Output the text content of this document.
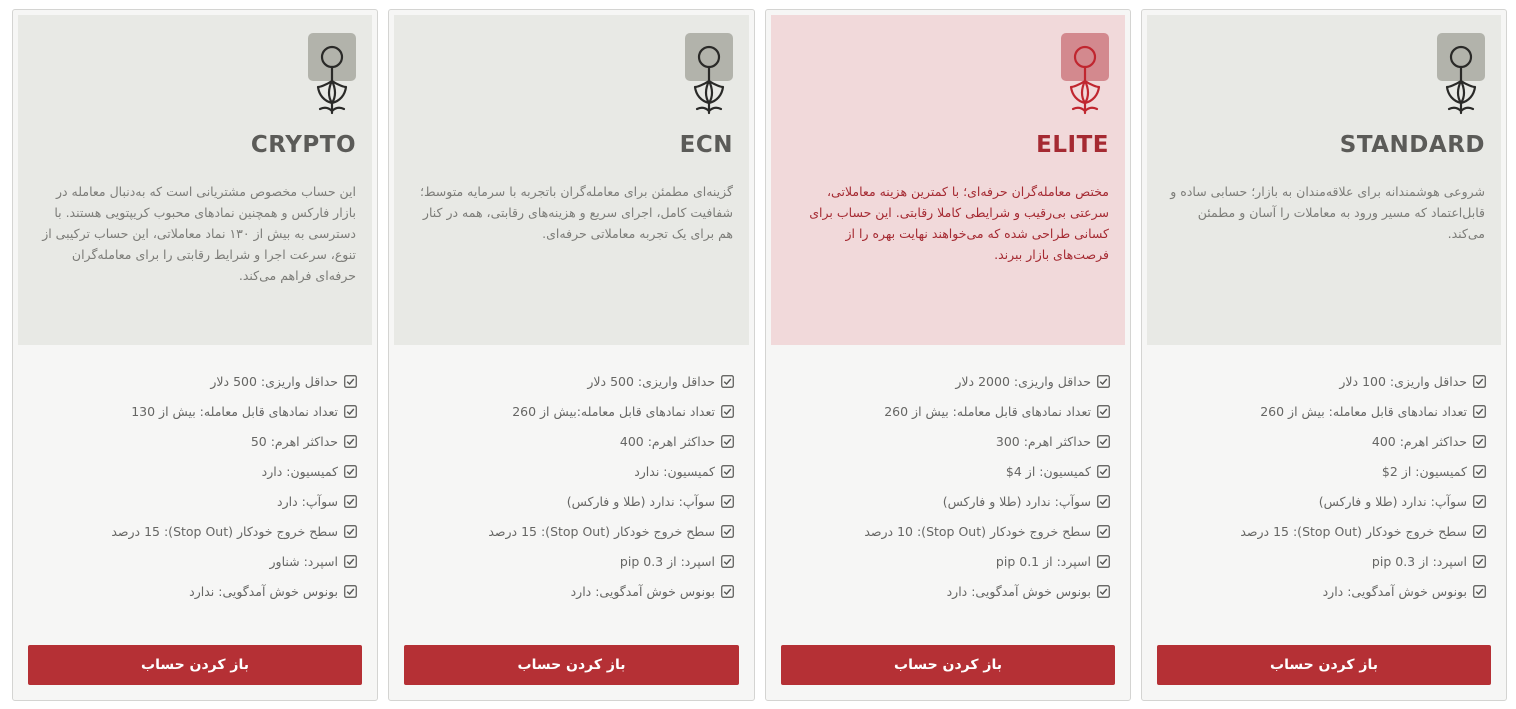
STANDARD
شروعی هوشمندانه برای علاقه‌مندان به بازار؛ حسابی ساده و قابل‌اعتماد که مسیر ورود به معاملات را آسان و مطمئن می‌کند.
حداقل واریزی: 100 دلار
تعداد نمادهای قابل معامله: بیش از 260
حداکثر اهرم: 400
کمیسیون: از 2$
سوآپ: ندارد (طلا و فارکس)
سطح خروج خودکار (Stop Out): 15 درصد
اسپرد: از 0.3 pip
بونوس خوش آمدگویی: دارد
باز کردن حساب
ELITE
مختص معامله‌گران حرفه‌ای؛ با کمترین هزینه معاملاتی، سرعتی بی‌رقیب و شرایطی کاملا رقابتی. این حساب برای کسانی طراحی شده که می‌خواهند نهایت بهره را از فرصت‌های بازار ببرند.
حداقل واریزی: 2000 دلار
تعداد نمادهای قابل معامله: بیش از 260
حداکثر اهرم: 300
کمیسیون: از 4$
سوآپ: ندارد (طلا و فارکس)
سطح خروج خودکار (Stop Out): 10 درصد
اسپرد: از 0.1 pip
بونوس خوش آمدگویی: دارد
باز کردن حساب
ECN
گزینه‌ای مطمئن برای معامله‌گران باتجربه با سرمایه متوسط؛ شفافیت کامل، اجرای سریع و هزینه‌های رقابتی، همه در کنار هم برای یک تجربه معاملاتی حرفه‌ای.
حداقل واریزی: 500 دلار
تعداد نمادهای قابل معامله:بیش از 260
حداکثر اهرم: 400
کمیسیون: ندارد
سوآپ: ندارد (طلا و فارکس)
سطح خروج خودکار (Stop Out): 15 درصد
اسپرد: از 0.3 pip
بونوس خوش آمدگویی: دارد
باز کردن حساب
CRYPTO
این حساب مخصوص مشتریانی است که به‌دنبال معامله در بازار فارکس و همچنین نمادهای محبوب کریپتویی هستند. با دسترسی به بیش از ۱۳۰ نماد معاملاتی، این حساب ترکیبی از تنوع، سرعت اجرا و شرایط رقابتی را برای معامله‌گران حرفه‌ای فراهم می‌کند.
حداقل واریزی: 500 دلار
تعداد نمادهای قابل معامله: بیش از 130
حداکثر اهرم: 50
کمیسیون: دارد
سوآپ: دارد
سطح خروج خودکار (Stop Out): 15 درصد
اسپرد: شناور
بونوس خوش آمدگویی: ندارد
باز کردن حساب
